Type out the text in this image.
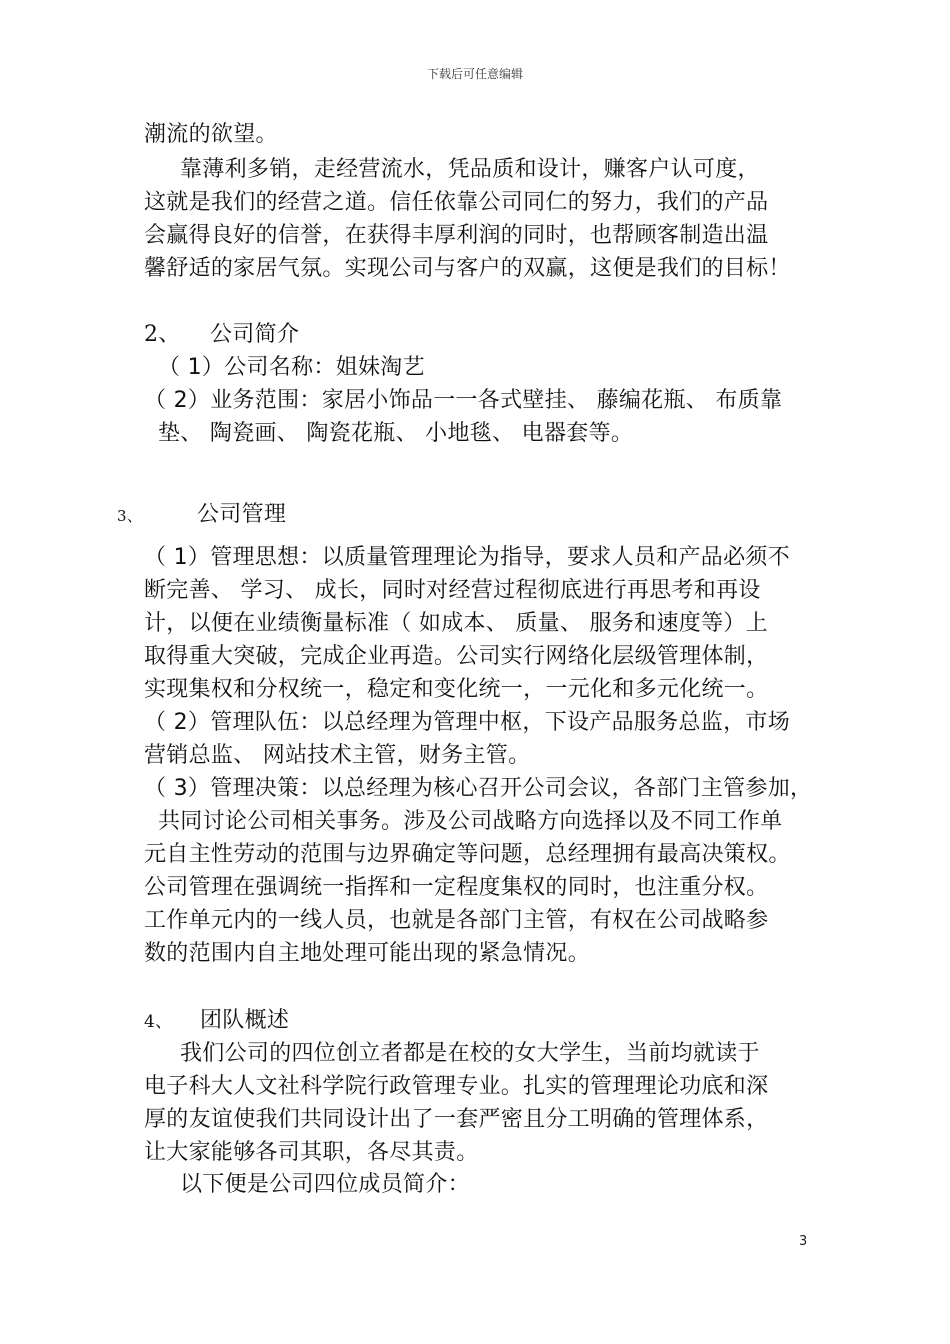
下载后可任意编辑
潮流的欲望。
靠薄利多销，走经营流水，凭品质和设计，赚客户认可度，
这就是我们的经营之道。信任依靠公司同仁的努力，我们的产品
会赢得良好的信誉，在获得丰厚利润的同时，也帮顾客制造出温
馨舒适的家居气氛。实现公司与客户的双赢，这便是我们的目标！
2、 公司简介
（ 1）公司名称：姐妹淘艺
（ 2）业务范围：家居小饰品一一各式壁挂、 藤编花瓶、 布质靠
垫、 陶瓷画、 陶瓷花瓶、 小地毯、 电器套等。
3、 公司管理
（ 1）管理思想：以质量管理理论为指导，要求人员和产品必须不
断完善、 学习、 成长，同时对经营过程彻底进行再思考和再设
计，以便在业绩衡量标准（ 如成本、 质量、 服务和速度等）上
取得重大突破，完成企业再造。公司实行网络化层级管理体制，
实现集权和分权统一，稳定和变化统一，一元化和多元化统一。
（ 2）管理队伍：以总经理为管理中枢，下设产品服务总监，市场
营销总监、 网站技术主管，财务主管。
（ 3）管理决策：以总经理为核心召开公司会议，各部门主管参加，
共同讨论公司相关事务。涉及公司战略方向选择以及不同工作单
元自主性劳动的范围与边界确定等问题，总经理拥有最高决策权。
公司管理在强调统一指挥和一定程度集权的同时，也注重分权。
工作单元内的一线人员，也就是各部门主管，有权在公司战略参
数的范围内自主地处理可能出现的紧急情况。
4、 团队概述
我们公司的四位创立者都是在校的女大学生，当前均就读于
电子科大人文社科学院行政管理专业。扎实的管理理论功底和深
厚的友谊使我们共同设计出了一套严密且分工明确的管理体系，
让大家能够各司其职，各尽其责。
以下便是公司四位成员简介：
3
